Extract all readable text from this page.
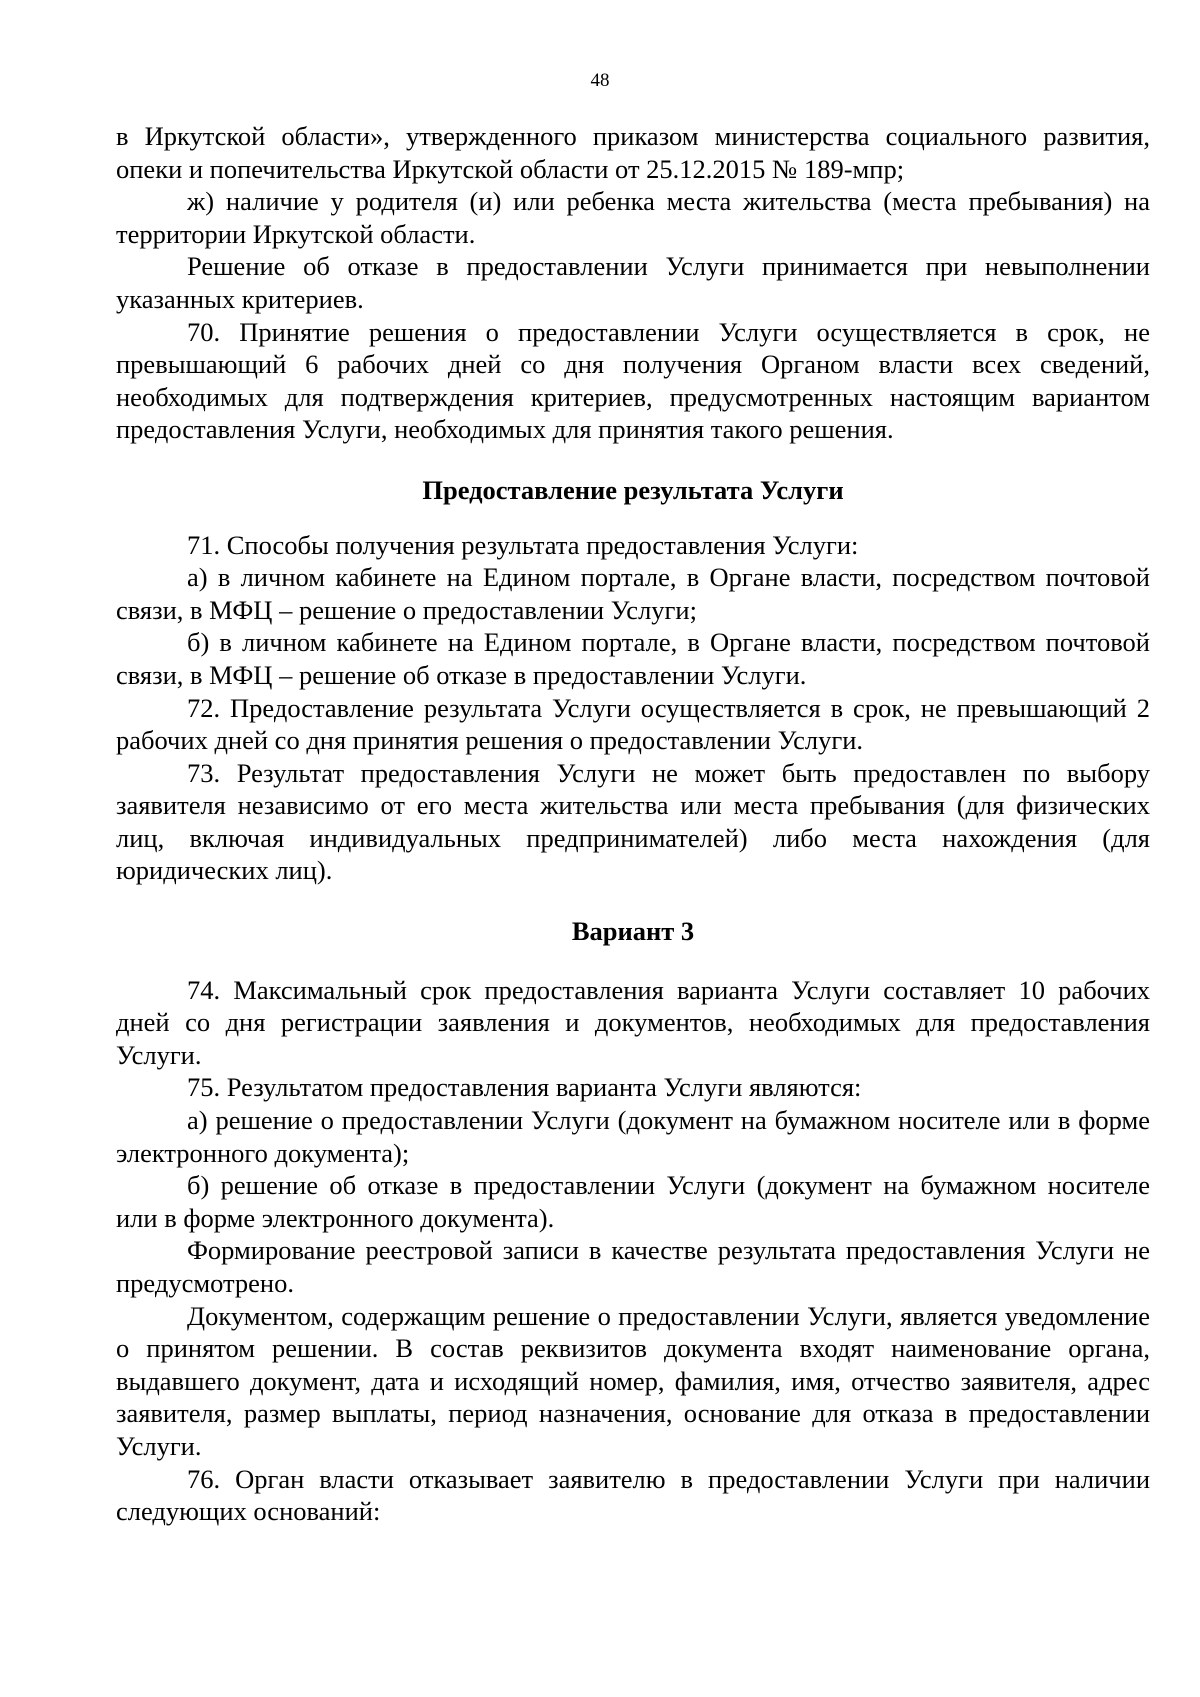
48

в Иркутской области», утвержденного приказом министерства социального развития, опеки и попечительства Иркутской области от 25.12.2015 № 189-мпр;

ж) наличие у родителя (и) или ребенка места жительства (места пребывания) на территории Иркутской области.

Решение об отказе в предоставлении Услуги принимается при невыполнении указанных критериев.

70. Принятие решения о предоставлении Услуги осуществляется в срок, не превышающий 6 рабочих дней со дня получения Органом власти всех сведений, необходимых для подтверждения критериев, предусмотренных настоящим вариантом предоставления Услуги, необходимых для принятия такого решения.

Предоставление результата Услуги

71. Способы получения результата предоставления Услуги:

а) в личном кабинете на Едином портале, в Органе власти, посредством почтовой связи, в МФЦ – решение о предоставлении Услуги;

б) в личном кабинете на Едином портале, в Органе власти, посредством почтовой связи, в МФЦ – решение об отказе в предоставлении Услуги.

72. Предоставление результата Услуги осуществляется в срок, не превышающий 2 рабочих дней со дня принятия решения о предоставлении Услуги.

73. Результат предоставления Услуги не может быть предоставлен по выбору заявителя независимо от его места жительства или места пребывания (для физических лиц, включая индивидуальных предпринимателей) либо места нахождения (для юридических лиц).

Вариант 3

74. Максимальный срок предоставления варианта Услуги составляет 10 рабочих дней со дня регистрации заявления и документов, необходимых для предоставления Услуги.

75. Результатом предоставления варианта Услуги являются:

а) решение о предоставлении Услуги (документ на бумажном носителе или в форме электронного документа);

б) решение об отказе в предоставлении Услуги (документ на бумажном носителе или в форме электронного документа).

Формирование реестровой записи в качестве результата предоставления Услуги не предусмотрено.

Документом, содержащим решение о предоставлении Услуги, является уведомление о принятом решении. В состав реквизитов документа входят наименование органа, выдавшего документ, дата и исходящий номер, фамилия, имя, отчество заявителя, адрес заявителя, размер выплаты, период назначения, основание для отказа в предоставлении Услуги.

76. Орган власти отказывает заявителю в предоставлении Услуги при наличии следующих оснований:
